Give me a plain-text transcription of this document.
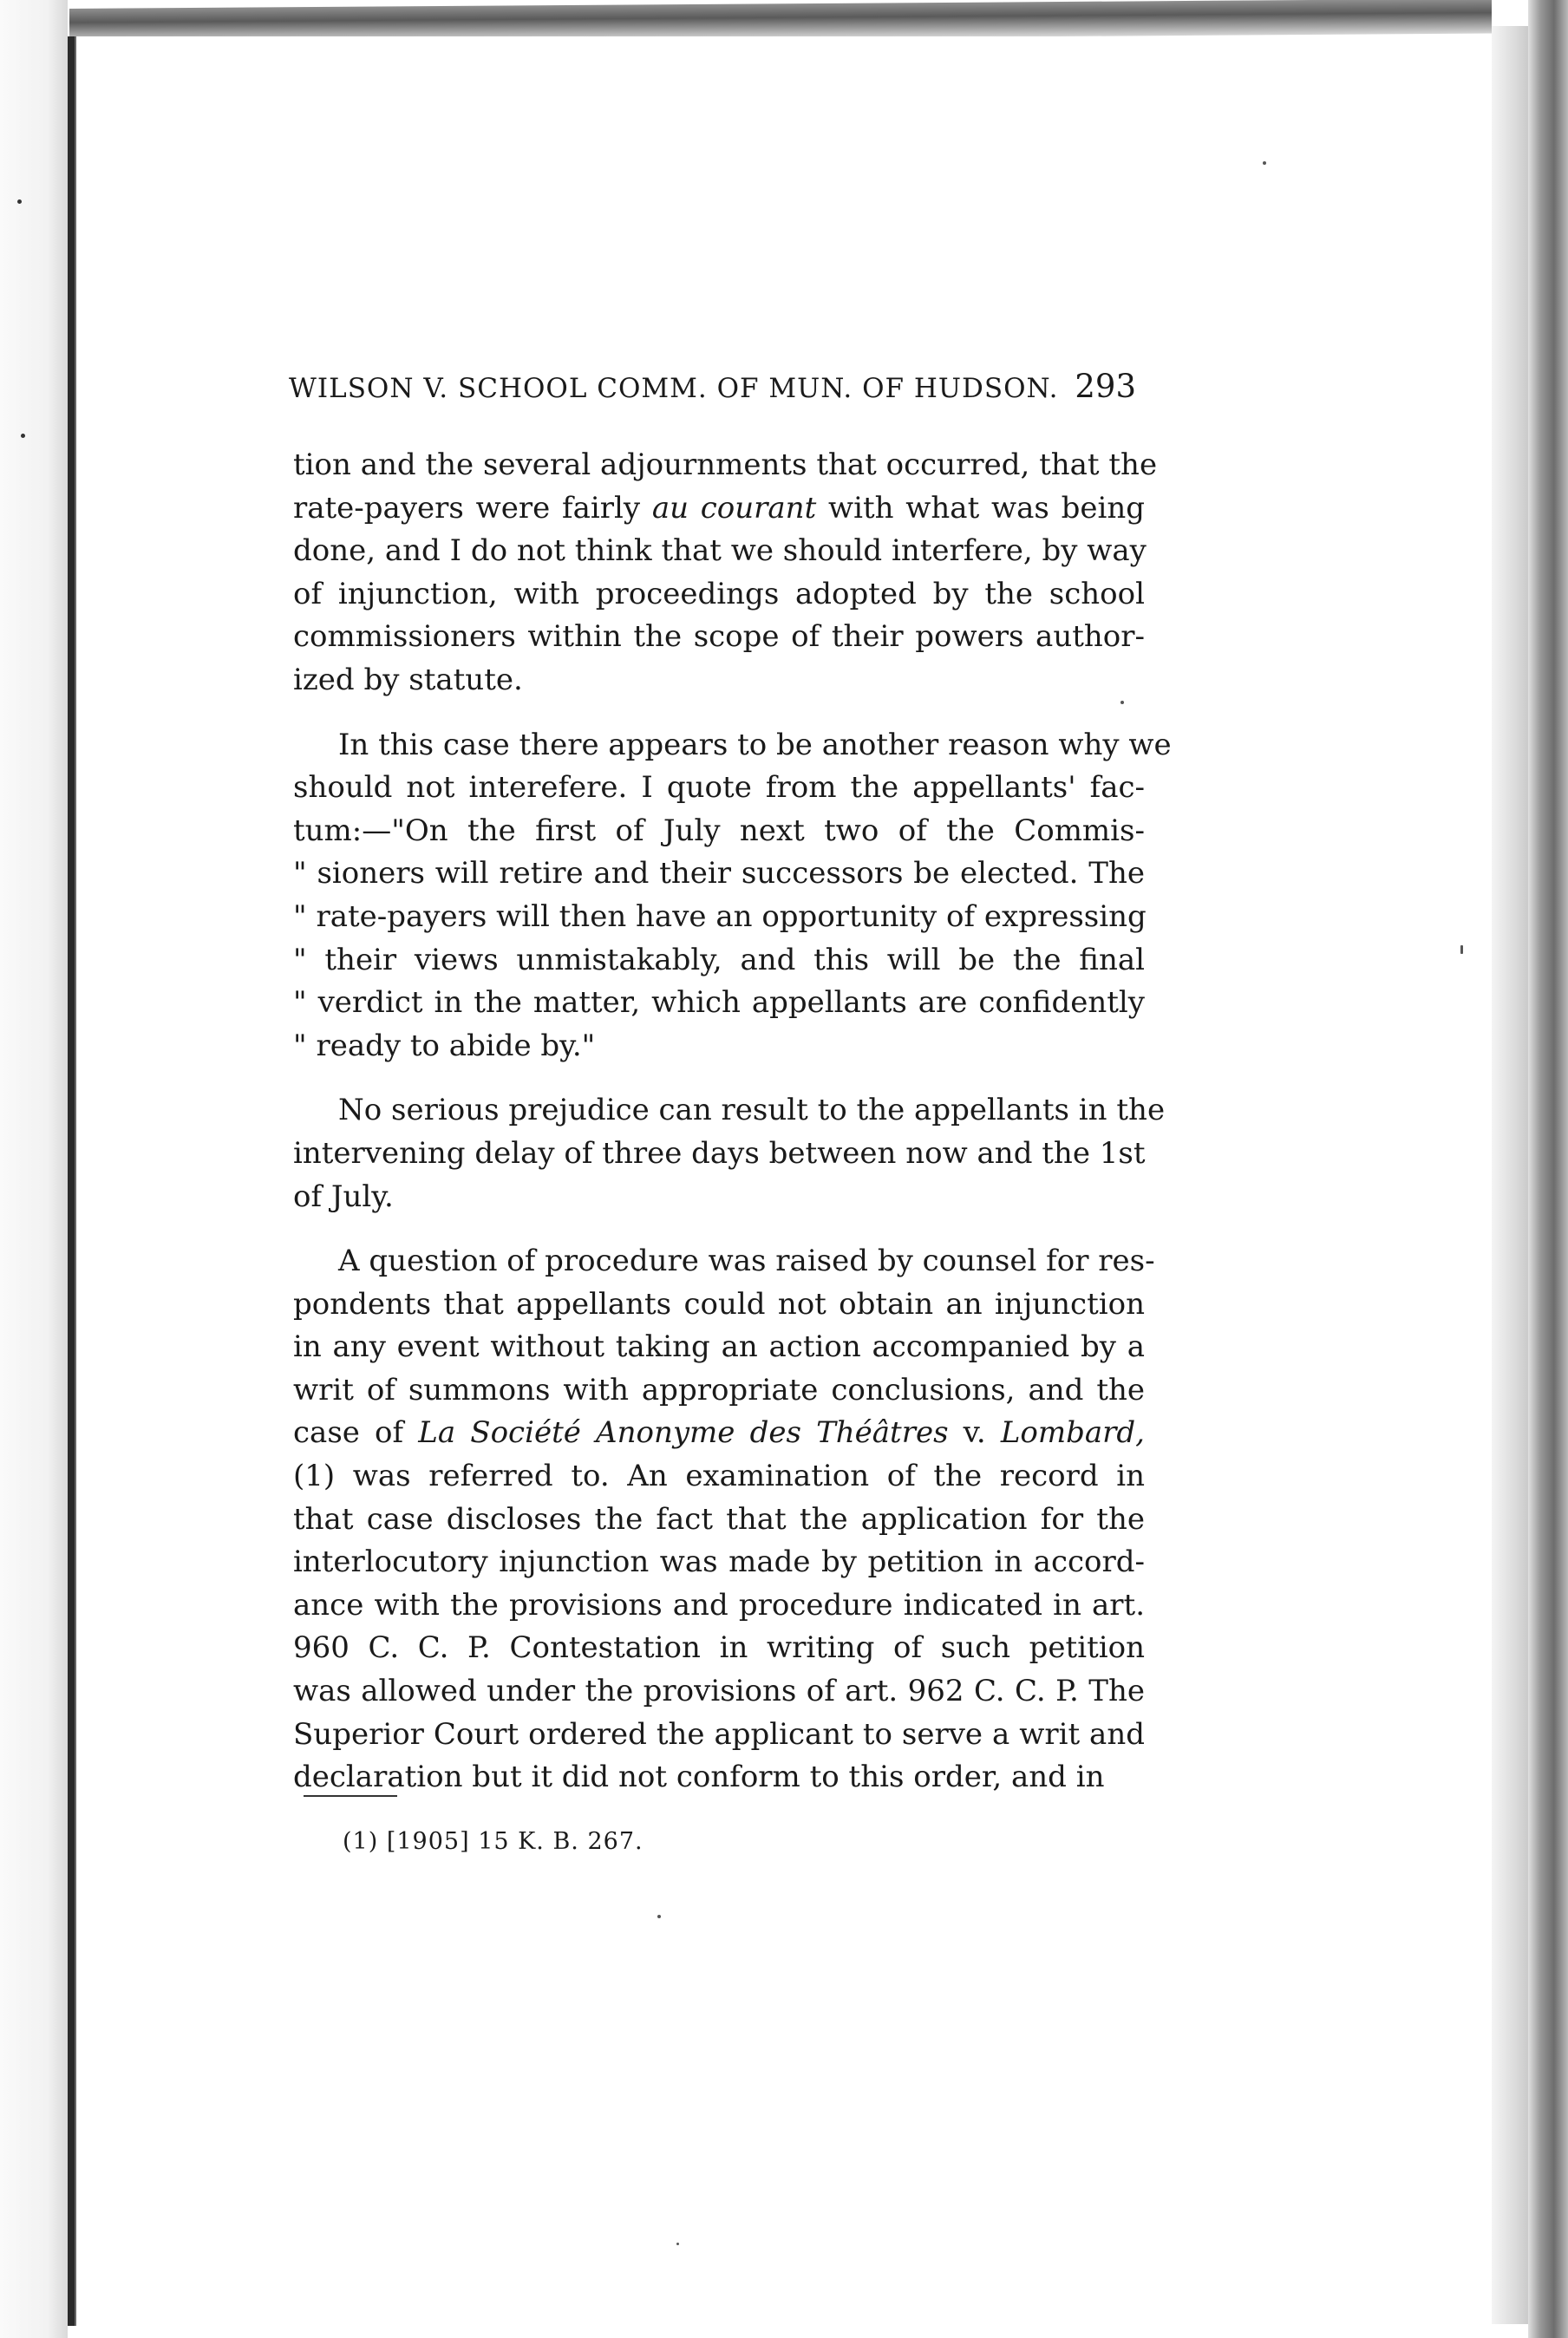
WILSON V. SCHOOL COMM. OF MUN. OF HUDSON. 293

tion and the several adjournments that occurred, that the
rate-payers were fairly au courant with what was being
done, and I do not think that we should interfere, by way
of injunction, with proceedings adopted by the school
commissioners within the scope of their powers author-
ized by statute.

In this case there appears to be another reason why we
should not interefere. I quote from the appellants' fac-
tum:—"On the first of July next two of the Commis-
" sioners will retire and their successors be elected. The
" rate-payers will then have an opportunity of expressing
" their views unmistakably, and this will be the final
" verdict in the matter, which appellants are confidently
" ready to abide by."

No serious prejudice can result to the appellants in the
intervening delay of three days between now and the 1st
of July.

A question of procedure was raised by counsel for res-
pondents that appellants could not obtain an injunction
in any event without taking an action accompanied by a
writ of summons with appropriate conclusions, and the
case of La Société Anonyme des Théâtres v. Lombard,
(1) was referred to. An examination of the record in
that case discloses the fact that the application for the
interlocutory injunction was made by petition in accord-
ance with the provisions and procedure indicated in art.
960 C. C. P. Contestation in writing of such petition
was allowed under the provisions of art. 962 C. C. P. The
Superior Court ordered the applicant to serve a writ and
declaration but it did not conform to this order, and in

(1) [1905] 15 K. B. 267.
